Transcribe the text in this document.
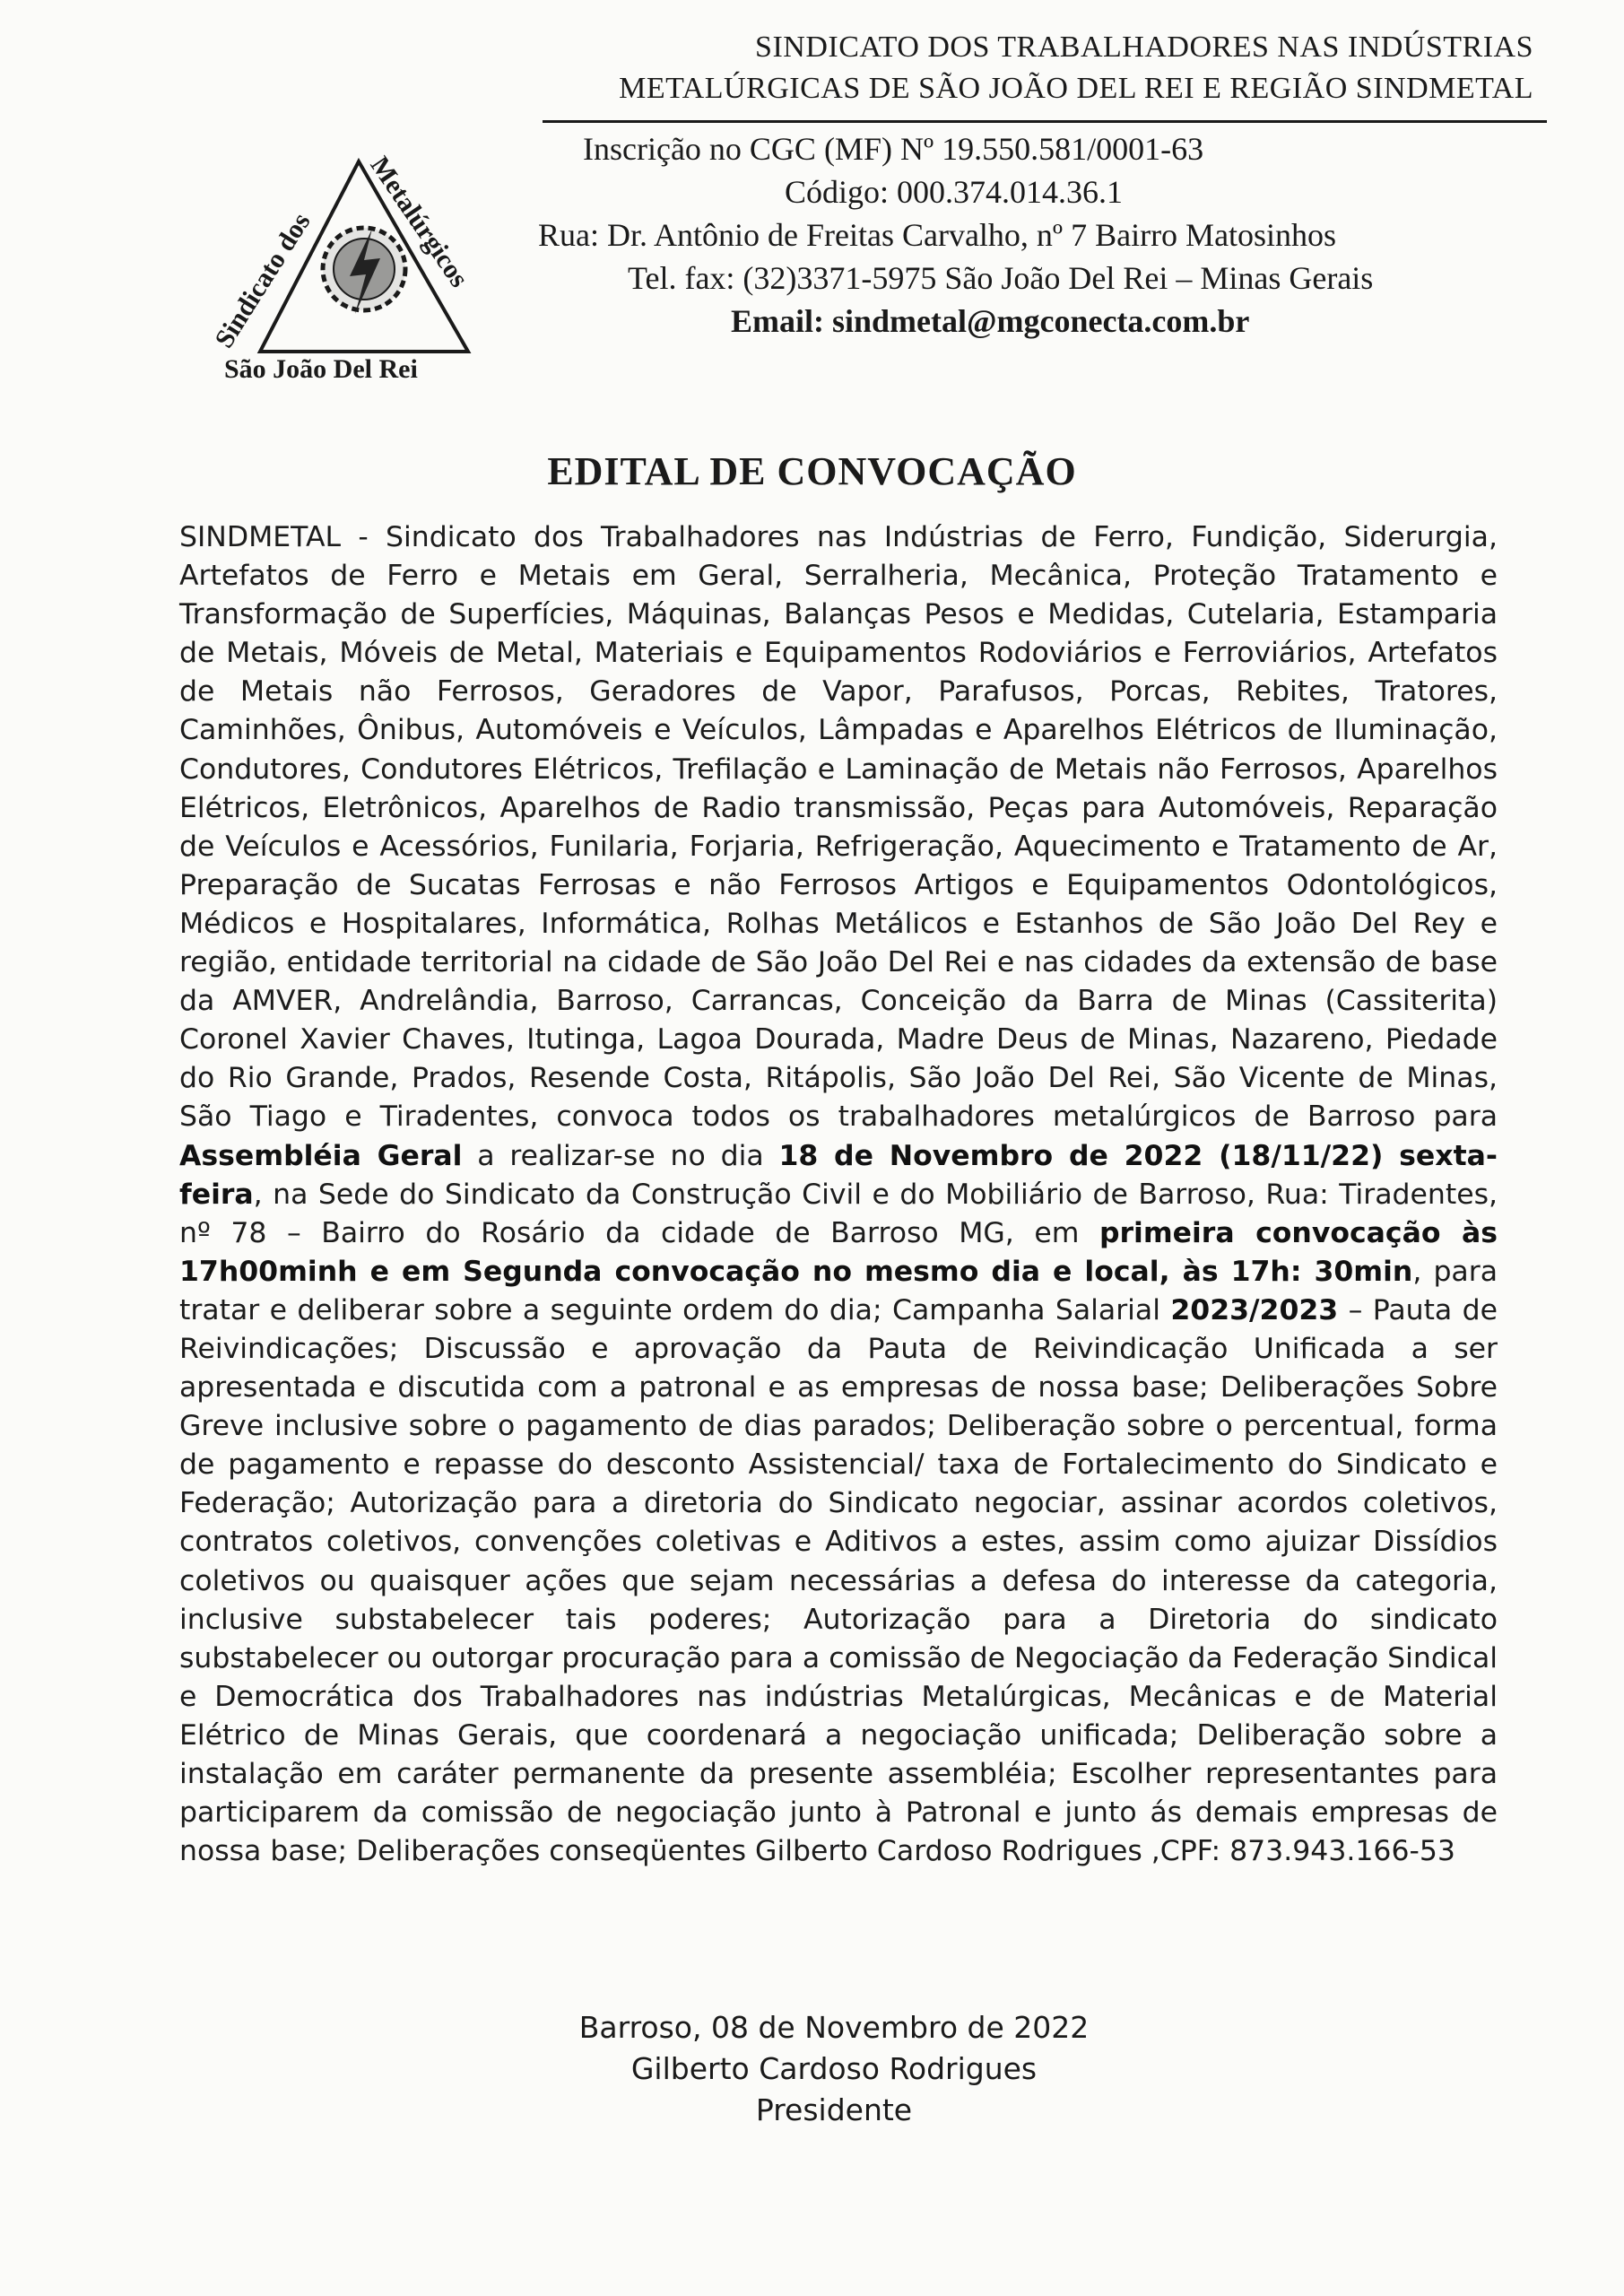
SINDICATO DOS TRABALHADORES NAS INDÚSTRIAS
METALÚRGICAS DE SÃO JOÃO DEL REI E REGIÃO SINDMETAL
Inscrição no CGC (MF) Nº 19.550.581/0001-63
Código: 000.374.014.36.1
Rua: Dr. Antônio de Freitas Carvalho, nº 7 Bairro Matosinhos
Tel. fax: (32)3371-5975 São João Del Rei – Minas Gerais
Email: sindmetal@mgconecta.com.br
Sindicato dos
Metalúrgicos
São João Del Rei
EDITAL DE CONVOCAÇÃO
SINDMETAL - Sindicato dos Trabalhadores nas Indústrias de Ferro, Fundição, Siderurgia, Artefatos de Ferro e Metais em Geral, Serralheria, Mecânica, Proteção Tratamento e Transformação de Superfícies, Máquinas, Balanças Pesos e Medidas, Cutelaria, Estamparia de Metais, Móveis de Metal, Materiais e Equipamentos Rodoviários e Ferroviários, Artefatos de Metais não Ferrosos, Geradores de Vapor, Parafusos, Porcas, Rebites, Tratores, Caminhões, Ônibus, Automóveis e Veículos, Lâmpadas e Aparelhos Elétricos de Iluminação, Condutores, Condutores Elétricos, Trefilação e Laminação de Metais não Ferrosos, Aparelhos Elétricos, Eletrônicos, Aparelhos de Radio transmissão, Peças para Automóveis, Reparação de Veículos e Acessórios, Funilaria, Forjaria, Refrigeração, Aquecimento e Tratamento de Ar, Preparação de Sucatas Ferrosas e não Ferrosos Artigos e Equipamentos Odontológicos, Médicos e Hospitalares, Informática, Rolhas Metálicos e Estanhos de São João Del Rey e região, entidade territorial na cidade de São João Del Rei e nas cidades da extensão de base da AMVER, Andrelândia, Barroso, Carrancas, Conceição da Barra de Minas (Cassiterita) Coronel Xavier Chaves, Itutinga, Lagoa Dourada, Madre Deus de Minas, Nazareno, Piedade do Rio Grande, Prados, Resende Costa, Ritápolis, São João Del Rei, São Vicente de Minas, São Tiago e Tiradentes, convoca todos os trabalhadores metalúrgicos de Barroso para Assembléia Geral a realizar-se no dia 18 de Novembro de 2022 (18/11/22) sexta-feira, na Sede do Sindicato da Construção Civil e do Mobiliário de Barroso, Rua: Tiradentes, nº 78 – Bairro do Rosário da cidade de Barroso MG, em primeira convocação às 17h00minh e em Segunda convocação no mesmo dia e local, às 17h: 30min, para tratar e deliberar sobre a seguinte ordem do dia; Campanha Salarial 2023/2023 – Pauta de Reivindicações; Discussão e aprovação da Pauta de Reivindicação Unificada a ser apresentada e discutida com a patronal e as empresas de nossa base; Deliberações Sobre Greve inclusive sobre o pagamento de dias parados; Deliberação sobre o percentual, forma de pagamento e repasse do desconto Assistencial/ taxa de Fortalecimento do Sindicato e Federação; Autorização para a diretoria do Sindicato negociar, assinar acordos coletivos, contratos coletivos, convenções coletivas e Aditivos a estes, assim como ajuizar Dissídios coletivos ou quaisquer ações que sejam necessárias a defesa do interesse da categoria, inclusive substabelecer tais poderes; Autorização para a Diretoria do sindicato substabelecer ou outorgar procuração para a comissão de Negociação da Federação Sindical e Democrática dos Trabalhadores nas indústrias Metalúrgicas, Mecânicas e de Material Elétrico de Minas Gerais, que coordenará a negociação unificada; Deliberação sobre a instalação em caráter permanente da presente assembléia; Escolher representantes para participarem da comissão de negociação junto à Patronal e junto ás demais empresas de nossa base; Deliberações conseqüentes Gilberto Cardoso Rodrigues ,CPF: 873.943.166-53
Barroso, 08 de Novembro de 2022
Gilberto Cardoso Rodrigues
Presidente
